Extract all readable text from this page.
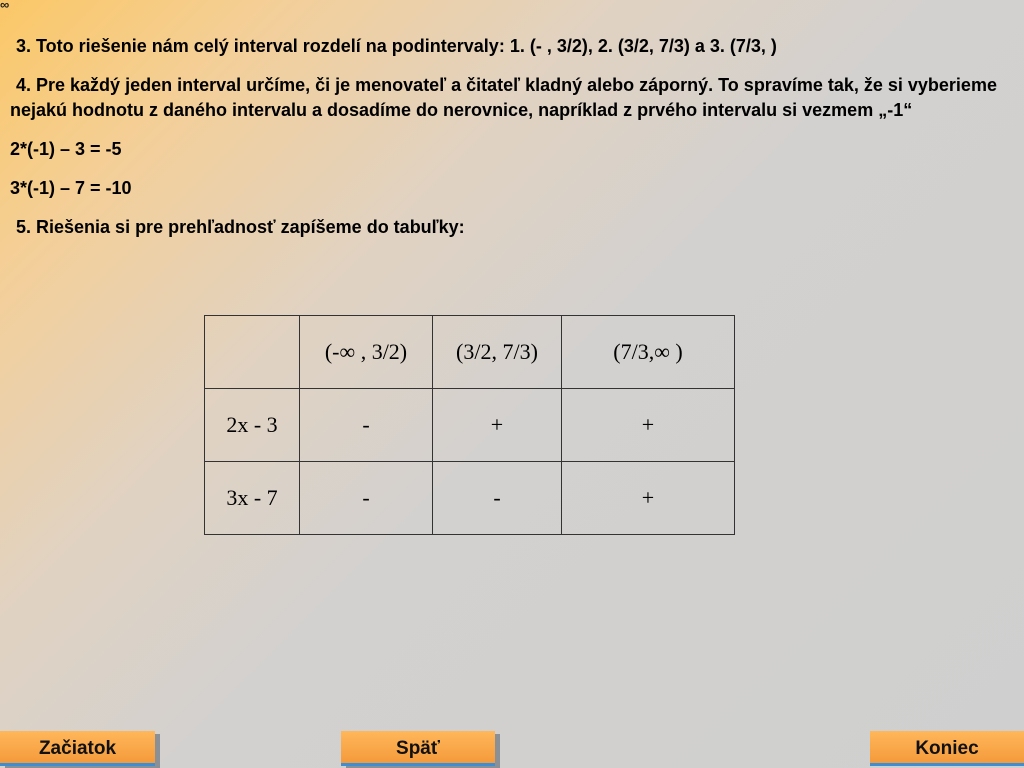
∞

3. Toto riešenie nám celý interval rozdelí na podintervaly: 1. (- , 3/2), 2. (3/2, 7/3) a 3. (7/3, )

4. Pre každý jeden interval určíme, či je menovateľ a čitateľ kladný alebo záporný. To spravíme tak, že si vyberieme nejakú hodnotu z daného intervalu a dosadíme do nerovnice, napríklad z prvého intervalu si vezmem „-1“

2*(-1) – 3 = -5

3*(-1) – 7 = -10

5. Riešenia si pre prehľadnosť zapíšeme do tabuľky:

	(-∞ , 3/2)	(3/2, 7/3)	(7/3,∞ )
2x - 3	-	+	+
3x - 7	-	-	+
Začiatok	Späť	Koniec
